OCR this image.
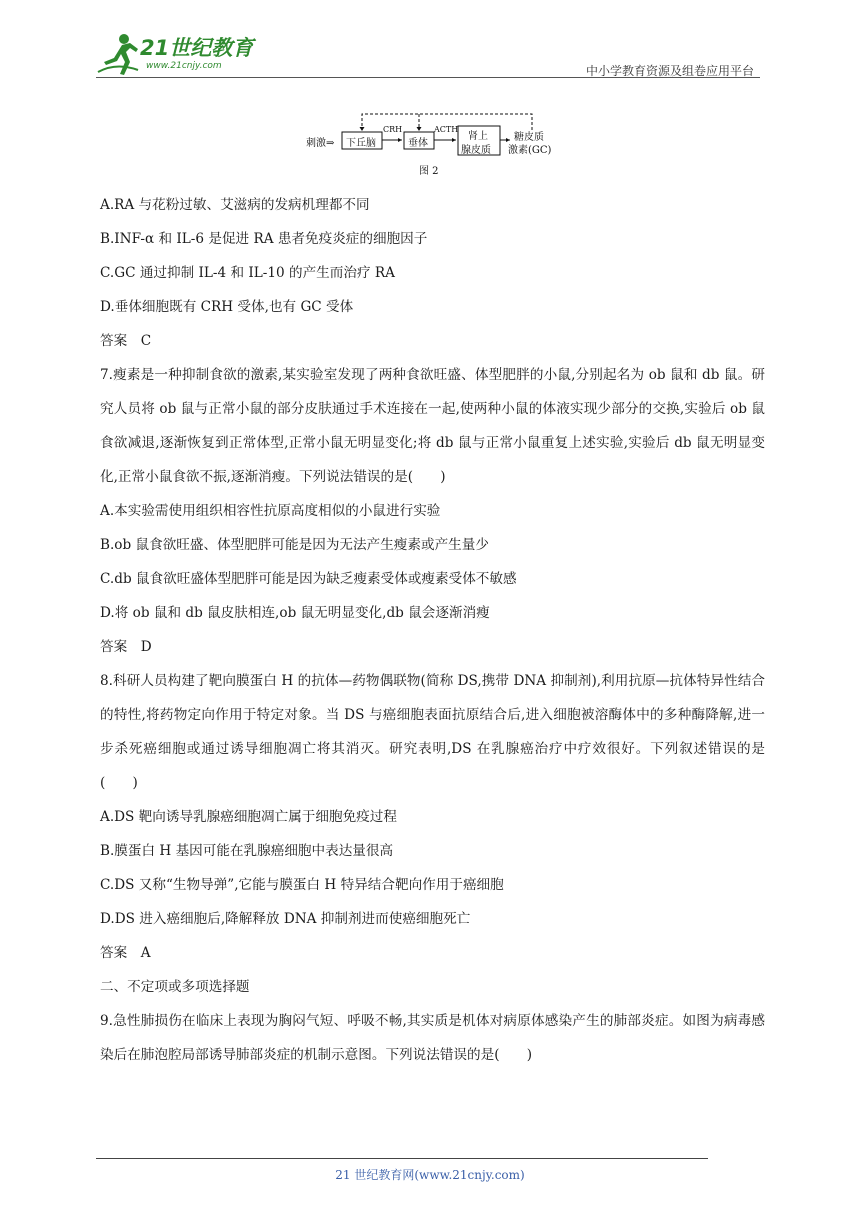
21世纪教育
www.21cnjy.com	中小学教育资源及组卷应用平台
刺激⇒ 下丘脑
CRH
垂体
ACTH
肾上
腺皮质
糖皮质
激素(GC)
图 2
A.RA 与花粉过敏、艾滋病的发病机理都不同
B.INF-α 和 IL-6 是促进 RA 患者免疫炎症的细胞因子
C.GC 通过抑制 IL-4 和 IL-10 的产生而治疗 RA
D.垂体细胞既有 CRH 受体,也有 GC 受体
答案　C
7.瘦素是一种抑制食欲的激素,某实验室发现了两种食欲旺盛、体型肥胖的小鼠,分别起名为 ob 鼠和 db 鼠。研究人员将 ob 鼠与正常小鼠的部分皮肤通过手术连接在一起,使两种小鼠的体液实现少部分的交换,实验后 ob 鼠食欲减退,逐渐恢复到正常体型,正常小鼠无明显变化;将 db 鼠与正常小鼠重复上述实验,实验后 db 鼠无明显变化,正常小鼠食欲不振,逐渐消瘦。下列说法错误的是(　　)
A.本实验需使用组织相容性抗原高度相似的小鼠进行实验
B.ob 鼠食欲旺盛、体型肥胖可能是因为无法产生瘦素或产生量少
C.db 鼠食欲旺盛体型肥胖可能是因为缺乏瘦素受体或瘦素受体不敏感
D.将 ob 鼠和 db 鼠皮肤相连,ob 鼠无明显变化,db 鼠会逐渐消瘦
答案　D
8.科研人员构建了靶向膜蛋白 H 的抗体—药物偶联物(简称 DS,携带 DNA 抑制剂),利用抗原—抗体特异性结合的特性,将药物定向作用于特定对象。当 DS 与癌细胞表面抗原结合后,进入细胞被溶酶体中的多种酶降解,进一步杀死癌细胞或通过诱导细胞凋亡将其消灭。研究表明,DS 在乳腺癌治疗中疗效很好。下列叙述错误的是　(　　)
A.DS 靶向诱导乳腺癌细胞凋亡属于细胞免疫过程
B.膜蛋白 H 基因可能在乳腺癌细胞中表达量很高
C.DS 又称“生物导弹”,它能与膜蛋白 H 特异结合靶向作用于癌细胞
D.DS 进入癌细胞后,降解释放 DNA 抑制剂进而使癌细胞死亡
答案　A
二、不定项或多项选择题
9.急性肺损伤在临床上表现为胸闷气短、呼吸不畅,其实质是机体对病原体感染产生的肺部炎症。如图为病毒感染后在肺泡腔局部诱导肺部炎症的机制示意图。下列说法错误的是(　　)
21 世纪教育网(www.21cnjy.com)
